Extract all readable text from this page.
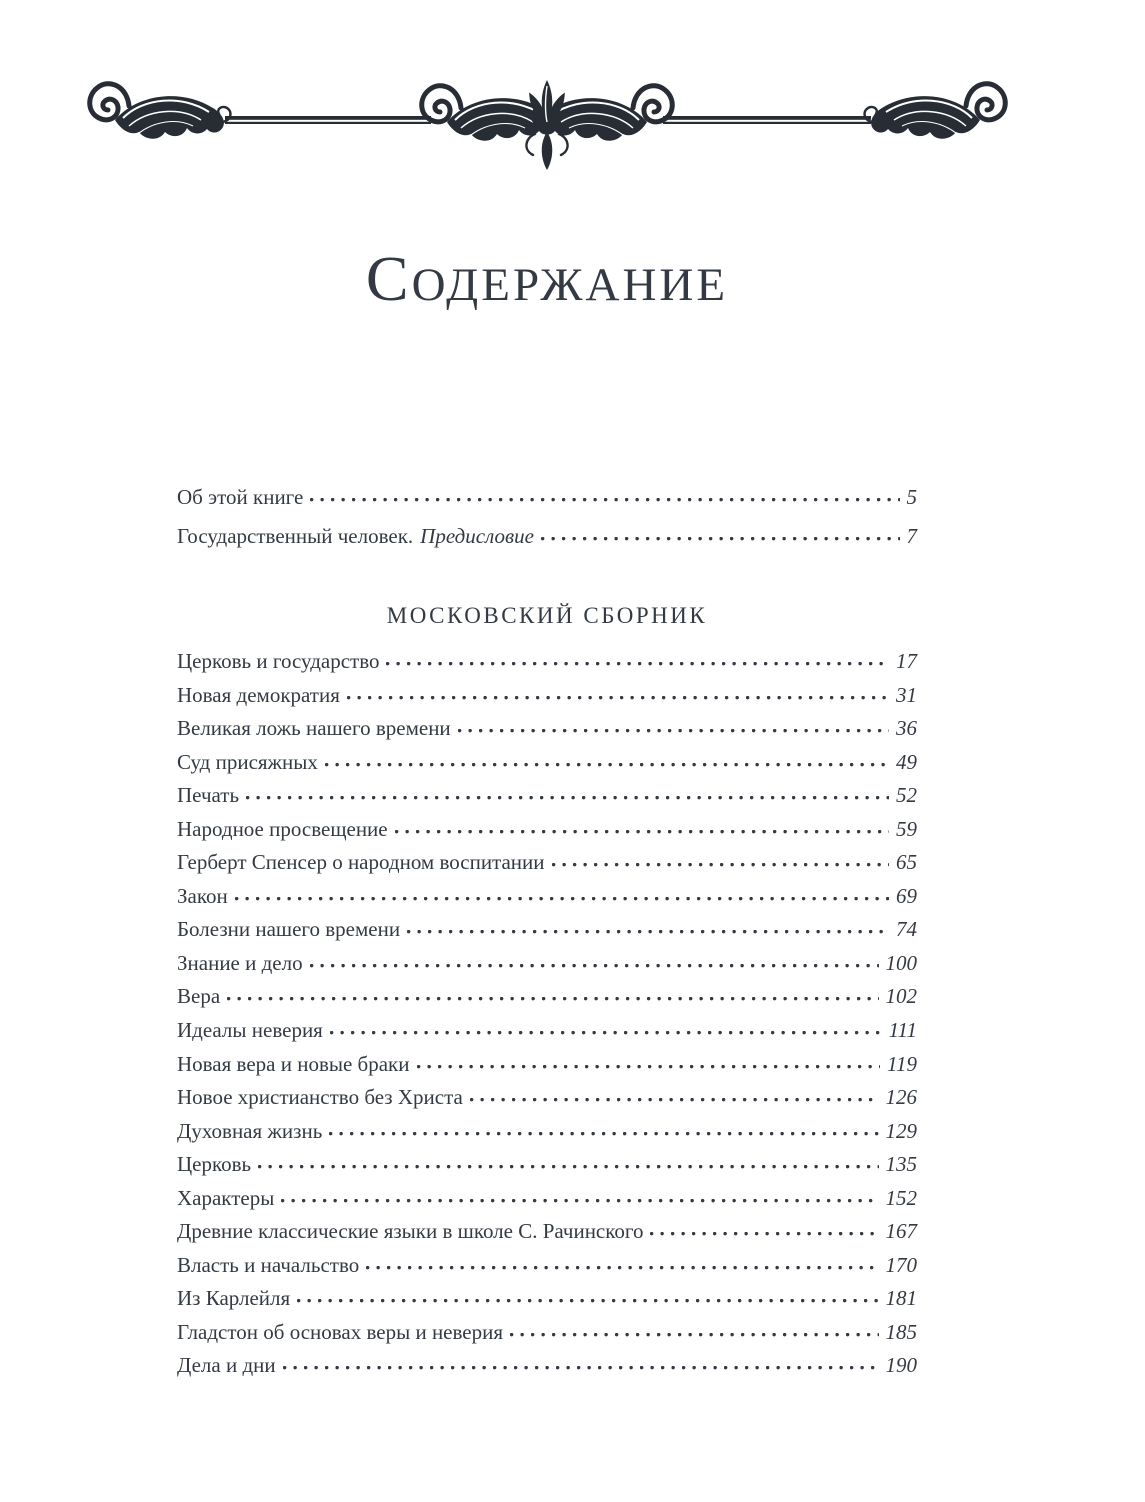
СОДЕРЖАНИЕ
Об этой книге	5
Государственный человек. Предисловие	7
МОСКОВСКИЙ СБОРНИК
Церковь и государство	17
Новая демократия	31
Великая ложь нашего времени	36
Суд присяжных	49
Печать	52
Народное просвещение	59
Герберт Спенсер о народном воспитании	65
Закон	69
Болезни нашего времени	74
Знание и дело	100
Вера	102
Идеалы неверия	111
Новая вера и новые браки	119
Новое христианство без Христа	126
Духовная жизнь	129
Церковь	135
Характеры	152
Древние классические языки в школе С. Рачинского	167
Власть и начальство	170
Из Карлейля	181
Гладстон об основах веры и неверия	185
Дела и дни	190
